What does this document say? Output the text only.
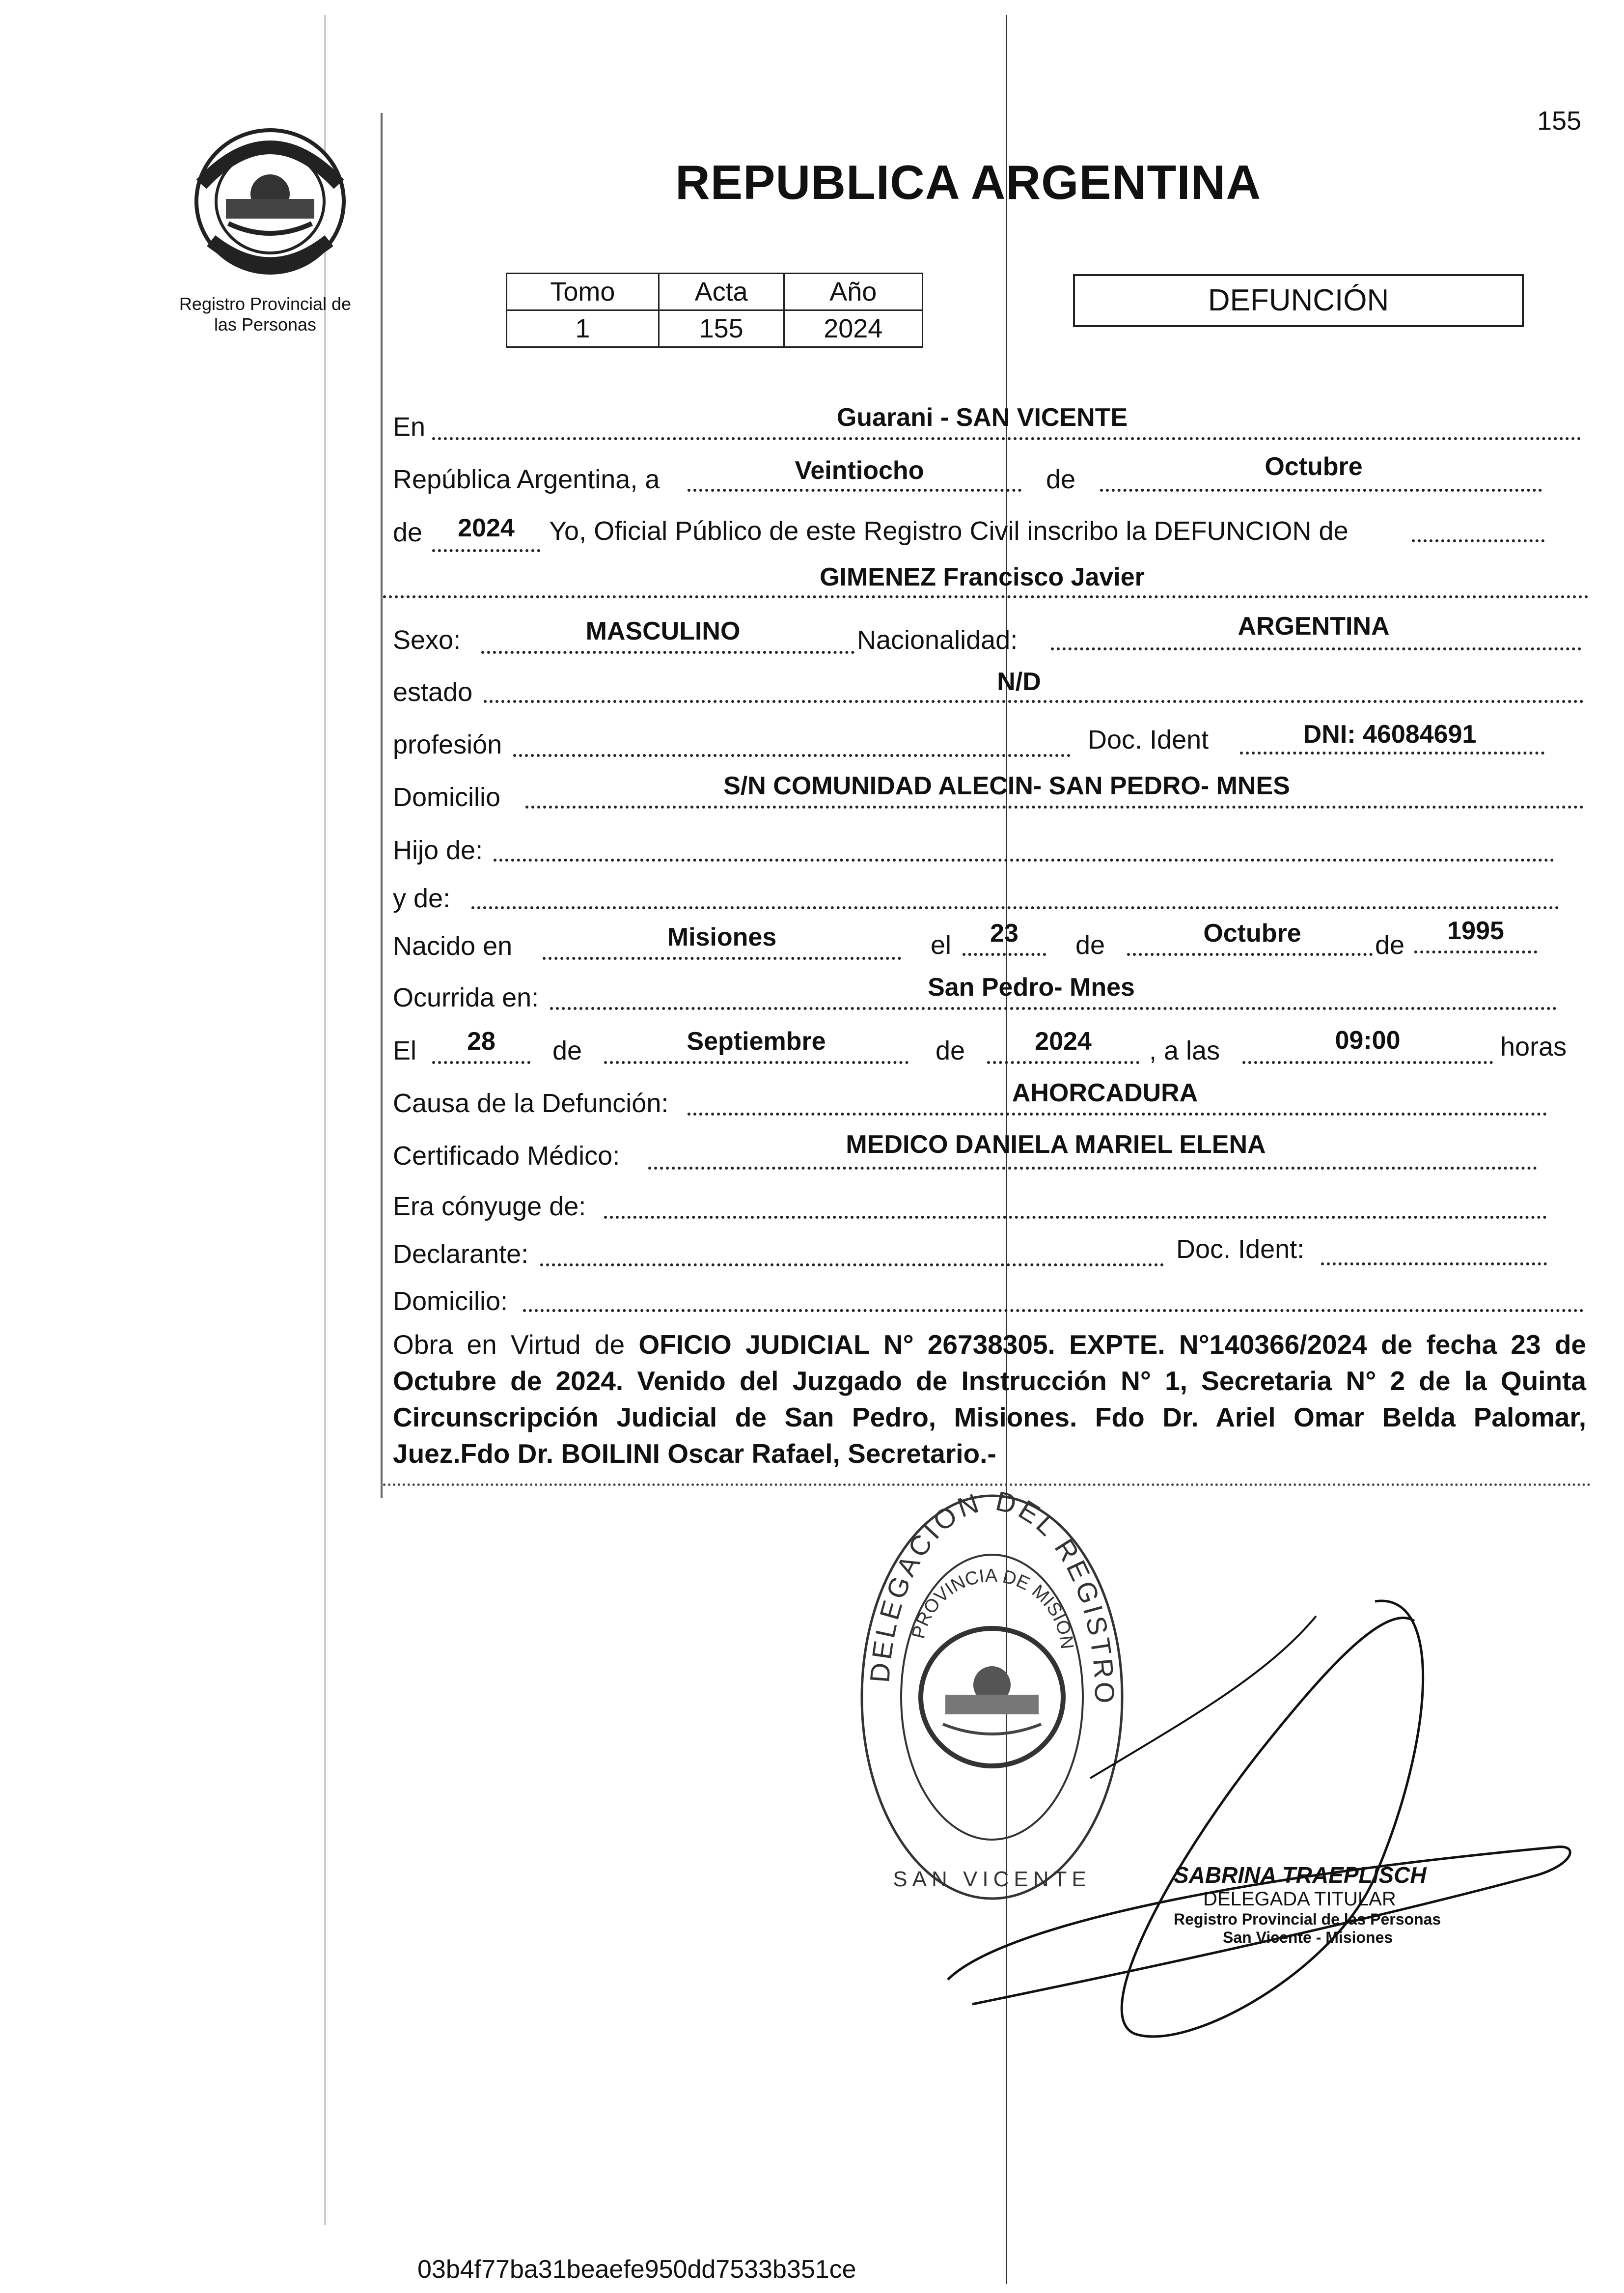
155
Registro Provincial de
las Personas
REPUBLICA ARGENTINA
Tomo	Acta	Año
1	155	2024
DEFUNCIÓN
En	Guarani - SAN VICENTE
República Argentina, a	Veintiocho	de	Octubre
de	2024	Yo, Oficial Público de este Registro Civil inscribo la DEFUNCION de
GIMENEZ Francisco Javier
Sexo:	MASCULINO	Nacionalidad:	ARGENTINA
estado	N/D
profesión	Doc. Ident	DNI: 46084691
Domicilio	S/N COMUNIDAD ALECIN- SAN PEDRO- MNES
Hijo de:
y de:
Nacido en	Misiones	el	23	de	Octubre	de	1995
Ocurrida en:	San Pedro- Mnes
El	28	de	Septiembre	de	2024	, a las	09:00	horas
Causa de la Defunción:	AHORCADURA
Certificado Médico:	MEDICO DANIELA MARIEL ELENA
Era cónyuge de:
Declarante:	Doc. Ident:
Domicilio:
Obra en Virtud de OFICIO JUDICIAL N° 26738305. EXPTE. N°140366/2024 de fecha 23 de Octubre de 2024. Venido del Juzgado de Instrucción N° 1, Secretaria N° 2 de la Quinta Circunscripción Judicial de San Pedro, Misiones. Fdo Dr. Ariel Omar Belda Palomar, Juez.Fdo Dr. BOILINI Oscar Rafael, Secretario.-
DELEGACION DEL REGISTRO
PROVINCIA DE MISION
SAN VICENTE	SABRINA TRAEPLISCH
DELEGADA TITULAR
Registro Provincial de las Personas
San Vicente - Misiones
03b4f77ba31beaefe950dd7533b351ce
